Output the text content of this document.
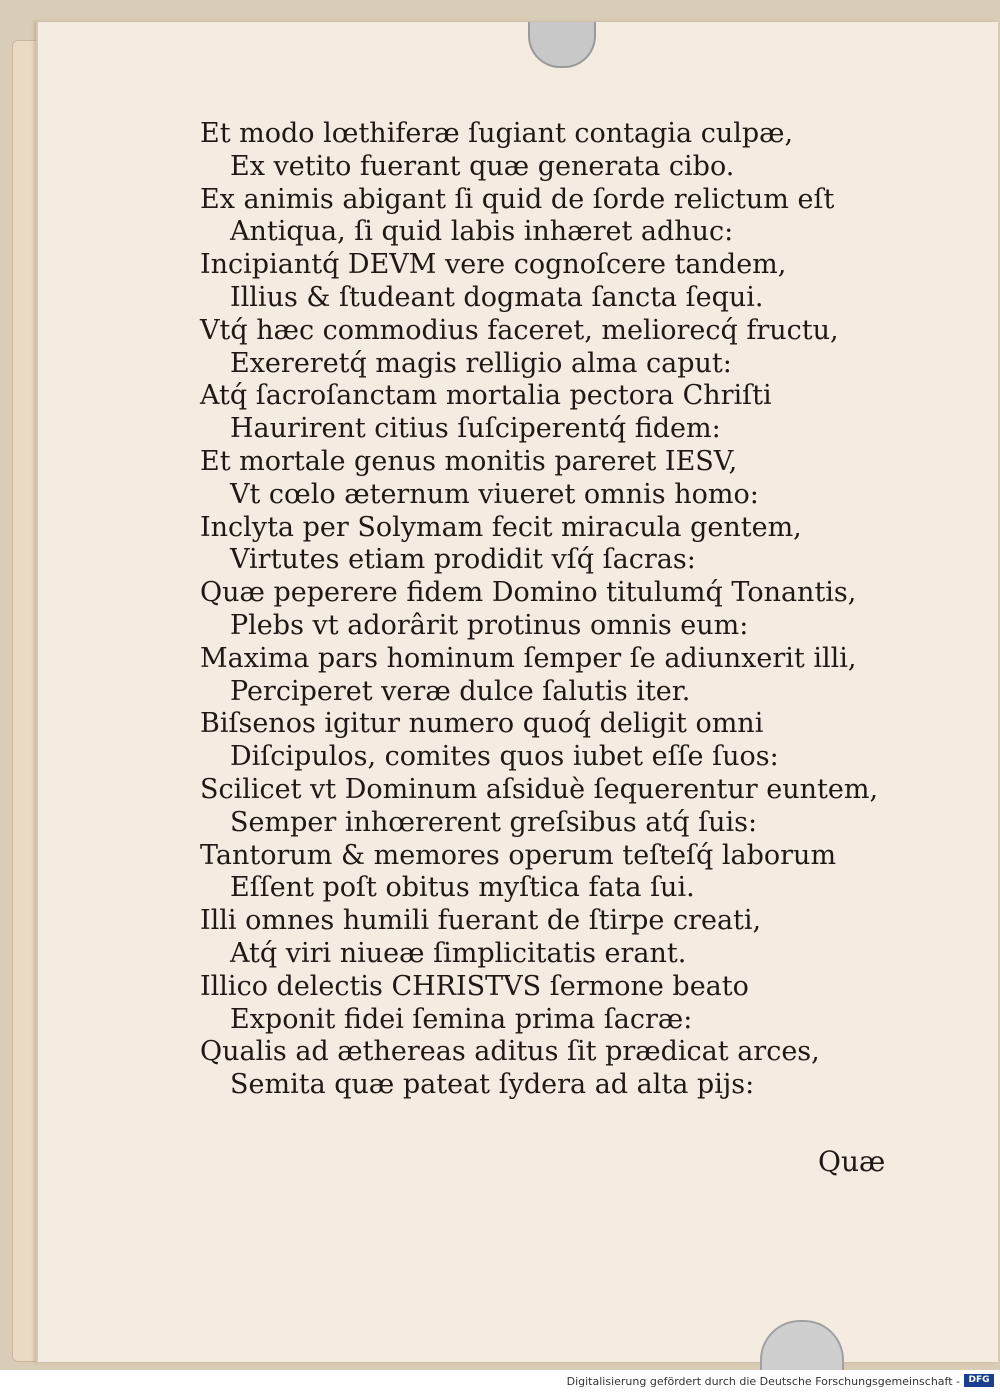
Et modo lœthiferæ ſugiant contagia culpæ,
Ex vetito fuerant quæ generata cibo.
Ex animis abigant ſi quid de ſorde relictum eſt
Antiqua, ſi quid labis inhæret adhuc:
Incipiantq́ DEVM vere cognoſcere tandem,
Illius & ſtudeant dogmata ſancta ſequi.
Vtq́ hæc commodius faceret, meliorecq́ fructu,
Exereretq́ magis relligio alma caput:
Atq́ ſacroſanctam mortalia pectora Chriſti
Haurirent citius ſuſciperentq́ fidem:
Et mortale genus monitis pareret IESV,
Vt cœlo æternum viueret omnis homo:
Inclyta per Solymam fecit miracula gentem,
Virtutes etiam prodidit vſq́ ſacras:
Quæ peperere fidem Domino titulumq́ Tonantis,
Plebs vt adorârit protinus omnis eum:
Maxima pars hominum ſemper ſe adiunxerit illi,
Perciperet veræ dulce ſalutis iter.
Biſsenos igitur numero quoq́ deligit omni
Diſcipulos, comites quos iubet eſſe ſuos:
Scilicet vt Dominum aſsiduè ſequerentur euntem,
Semper inhœrerent greſsibus atq́ ſuis:
Tantorum & memores operum teſteſq́ laborum
Eſſent poſt obitus myſtica fata ſui.
Illi omnes humili fuerant de ſtirpe creati,
Atq́ viri niueæ ſimplicitatis erant.
Illico delectis CHRISTVS ſermone beato
Exponit fidei ſemina prima ſacræ:
Qualis ad æthereas aditus ſit prædicat arces,
Semita quæ pateat ſydera ad alta pijs:
Quæ
Digitalisierung gefördert durch die Deutsche Forschungsgemeinschaft - DFG
